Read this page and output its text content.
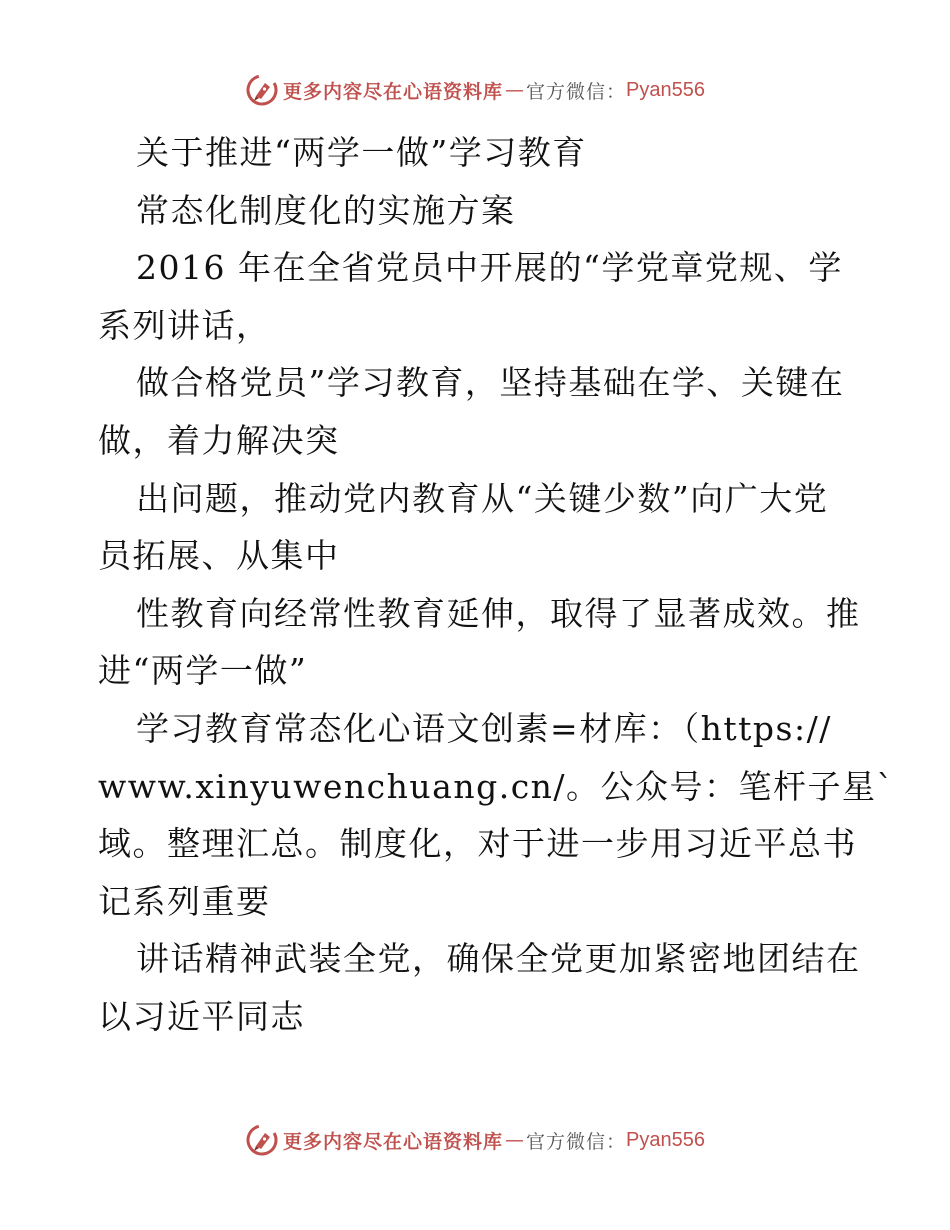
更多内容尽在心语资料库 — 官方微信： Pyan556
关于推进“两学一做”学习教育
常态化制度化的实施方案
2016 年在全省党员中开展的“学党章党规、学
系列讲话，
做合格党员”学习教育，坚持基础在学、关键在
做，着力解决突
出问题，推动党内教育从“关键少数”向广大党
员拓展、从集中
性教育向经常性教育延伸，取得了显著成效。推
进“两学一做”
学习教育常态化心语文创素=材库：（https://
www.xinyuwenchuang.cn/。公众号：笔杆子星`
域。整理汇总。制度化，对于进一步用习近平总书
记系列重要
讲话精神武装全党，确保全党更加紧密地团结在
以习近平同志
更多内容尽在心语资料库 — 官方微信： Pyan556
